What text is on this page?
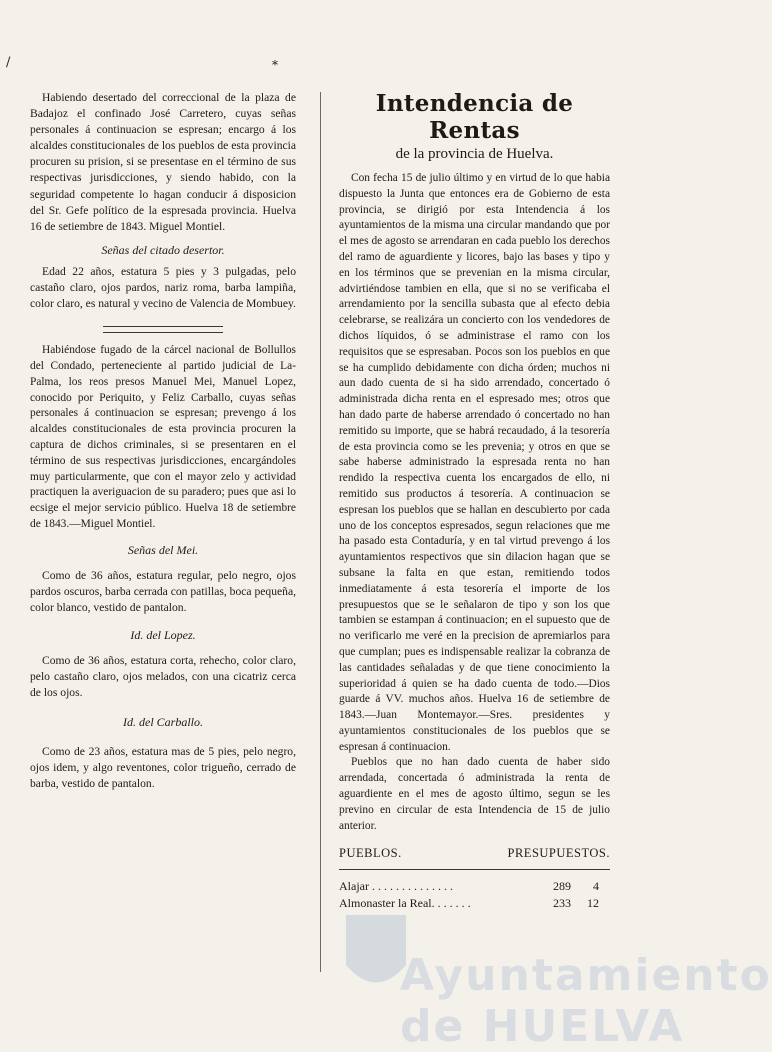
/	*

Habiendo desertado del correccional de la plaza de Badajoz el confinado José Carretero, cuyas señas personales á continuacion se espresan; encargo á los alcaldes constitucionales de los pueblos de esta provincia procuren su prision, si se presentase en el término de sus respectivas jurisdicciones, y siendo habido, con la seguridad competente lo hagan conducir á disposicion del Sr. Gefe político de la espresada provincia. Huelva 16 de setiembre de 1843. Miguel Montiel.

Señas del citado desertor.

Edad 22 años, estatura 5 pies y 3 pulgadas, pelo castaño claro, ojos pardos, nariz roma, barba lampiña, color claro, es natural y vecino de Valencia de Mombuey.

Habiéndose fugado de la cárcel nacional de Bollullos del Condado, perteneciente al partido judicial de La-Palma, los reos presos Manuel Mei, Manuel Lopez, conocido por Periquito, y Feliz Carballo, cuyas señas personales á continuacion se espresan; prevengo á los alcaldes constitucionales de esta provincia procuren la captura de dichos criminales, si se presentaren en el término de sus respectivas jurisdicciones, encargándoles muy particularmente, que con el mayor zelo y actividad practiquen la averiguacion de su paradero; pues que asi lo ecsige el mejor servicio público. Huelva 18 de setiembre de 1843.—Miguel Montiel.

Señas del Mei.

Como de 36 años, estatura regular, pelo negro, ojos pardos oscuros, barba cerrada con patillas, boca pequeña, color blanco, vestido de pantalon.

Id. del Lopez.

Como de 36 años, estatura corta, rehecho, color claro, pelo castaño claro, ojos melados, con una cicatriz cerca de los ojos.

Id. del Carballo.

Como de 23 años, estatura mas de 5 pies, pelo negro, ojos idem, y algo reventones, color trigueño, cerrado de barba, vestido de pantalon.

Intendencia de Rentas

de la provincia de Huelva.

Con fecha 15 de julio último y en virtud de lo que habia dispuesto la Junta que entonces era de Gobierno de esta provincia, se dirigió por esta Intendencia á los ayuntamientos de la misma una circular mandando que por el mes de agosto se arrendaran en cada pueblo los derechos del ramo de aguardiente y licores, bajo las bases y tipo y en los términos que se prevenian en la misma circular, advirtiéndose tambien en ella, que si no se verificaba el arrendamiento por la sencilla subasta que al efecto debia celebrarse, se realizára un concierto con los vendedores de dichos líquidos, ó se administrase el ramo con los requisitos que se espresaban. Pocos son los pueblos en que se ha cumplido debidamente con dicha órden; muchos ni aun dado cuenta de si ha sido arrendado, concertado ó administrada dicha renta en el espresado mes; otros que han dado parte de haberse arrendado ó concertado no han remitido su importe, que se habrá recaudado, á la tesorería de esta provincia como se les prevenia; y otros en que se sabe haberse administrado la espresada renta no han rendido la respectiva cuenta los encargados de ello, ni remitido sus productos á tesorería. A continuacion se espresan los pueblos que se hallan en descubierto por cada uno de los conceptos espresados, segun relaciones que me ha pasado esta Contaduría, y en tal virtud prevengo á los ayuntamientos respectivos que sin dilacion hagan que se subsane la falta en que estan, remitiendo todos inmediatamente á esta tesorería el importe de los presupuestos que se le señalaron de tipo y son los que tambien se estampan á continuacion; en el supuesto que de no verificarlo me veré en la precision de apremiarlos para que cumplan; pues es indispensable realizar la cobranza de las cantidades señaladas y de que tiene conocimiento la superioridad á quien se ha dado cuenta de todo.—Dios guarde á VV. muchos años. Huelva 16 de setiembre de 1843.—Juan Montemayor.—Sres. presidentes y ayuntamientos constitucionales de los pueblos que se espresan á continuacion.

Pueblos que no han dado cuenta de haber sido arrendada, concertada ó administrada la renta de aguardiente en el mes de agosto último, segun se les previno en circular de esta Intendencia de 15 de julio anterior.

PUEBLOS.	PRESUPUESTOS.
Alajar . . . . . . . . . . . . . .	289	4
Almonaster la Real. . . . . . .	233	12
Ayuntamiento de HUELVA
